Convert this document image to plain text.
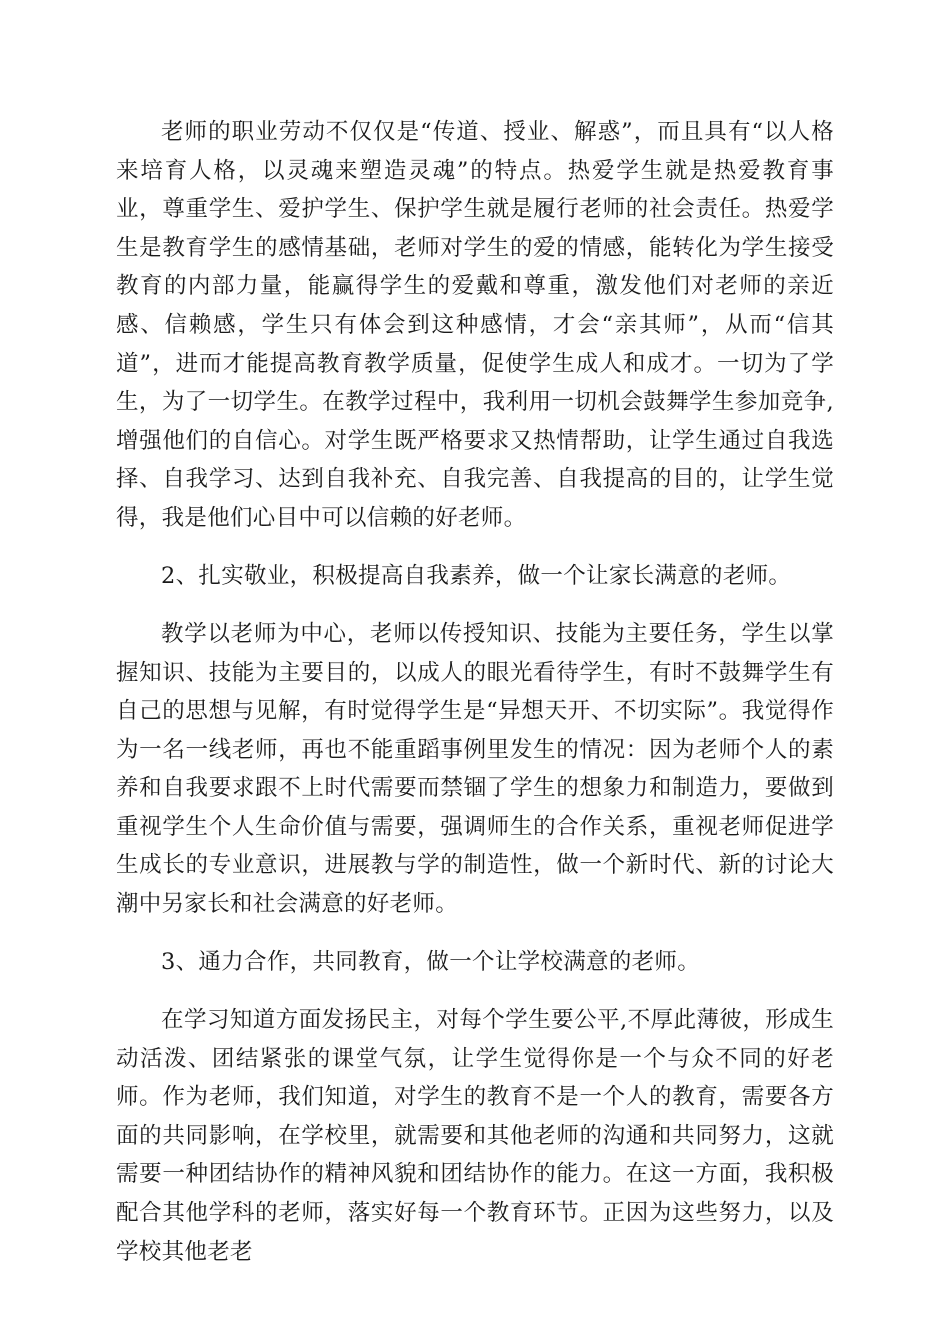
老师的职业劳动不仅仅是“传道、授业、解惑”，而且具有“以人格来培育人格，以灵魂来塑造灵魂”的特点。热爱学生就是热爱教育事业，尊重学生、爱护学生、保护学生就是履行老师的社会责任。热爱学生是教育学生的感情基础，老师对学生的爱的情感，能转化为学生接受教育的内部力量，能赢得学生的爱戴和尊重，激发他们对老师的亲近感、信赖感，学生只有体会到这种感情，才会“亲其师”，从而“信其道”，进而才能提高教育教学质量，促使学生成人和成才。一切为了学生，为了一切学生。在教学过程中，我利用一切机会鼓舞学生参加竞争,增强他们的自信心。对学生既严格要求又热情帮助，让学生通过自我选择、自我学习、达到自我补充、自我完善、自我提高的目的，让学生觉得，我是他们心目中可以信赖的好老师。

2、扎实敬业，积极提高自我素养，做一个让家长满意的老师。

教学以老师为中心，老师以传授知识、技能为主要任务，学生以掌握知识、技能为主要目的，以成人的眼光看待学生，有时不鼓舞学生有自己的思想与见解，有时觉得学生是“异想天开、不切实际”。我觉得作为一名一线老师，再也不能重蹈事例里发生的情况：因为老师个人的素养和自我要求跟不上时代需要而禁锢了学生的想象力和制造力，要做到重视学生个人生命价值与需要，强调师生的合作关系，重视老师促进学生成长的专业意识，进展教与学的制造性，做一个新时代、新的讨论大潮中另家长和社会满意的好老师。

3、通力合作，共同教育，做一个让学校满意的老师。

在学习知道方面发扬民主，对每个学生要公平,不厚此薄彼，形成生动活泼、团结紧张的课堂气氛，让学生觉得你是一个与众不同的好老师。作为老师，我们知道，对学生的教育不是一个人的教育，需要各方面的共同影响，在学校里，就需要和其他老师的沟通和共同努力，这就需要一种团结协作的精神风貌和团结协作的能力。在这一方面，我积极配合其他学科的老师，落实好每一个教育环节。正因为这些努力，以及学校其他老老
